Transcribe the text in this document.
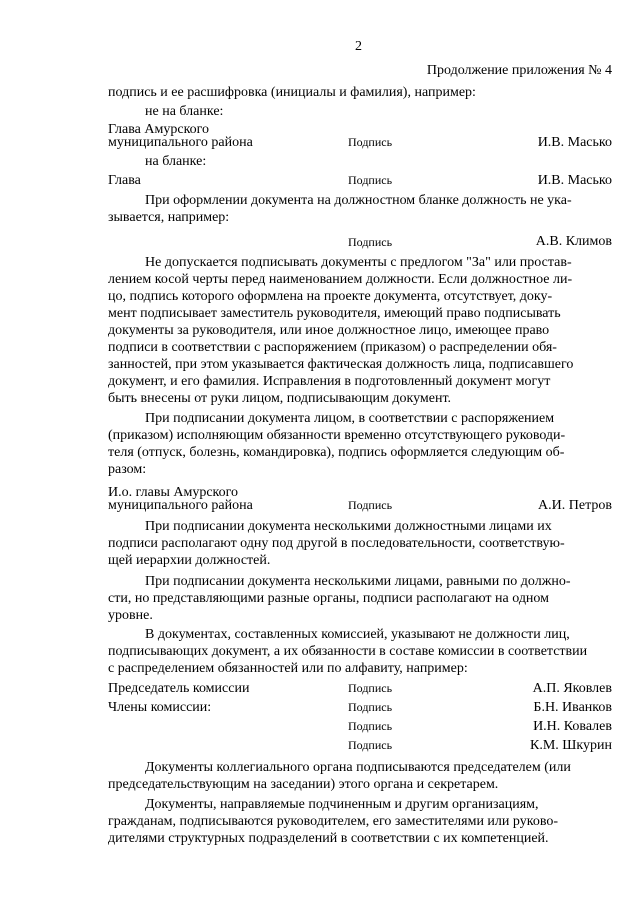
2
Продолжение приложения № 4
подпись и ее расшифровка (инициалы и фамилия), например:
не на бланке:
Глава Амурского
муниципального района	Подпись	И.В. Масько
на бланке:
Глава	Подпись	И.В. Масько
При оформлении документа на должностном бланке должность не ука-
зывается, например:
Подпись	А.В. Климов
Не допускается подписывать документы с предлогом "За" или простав-
лением косой черты перед наименованием должности. Если должностное ли-
цо, подпись которого оформлена на проекте документа, отсутствует, доку-
мент подписывает заместитель руководителя, имеющий право подписывать
документы за руководителя, или иное должностное лицо, имеющее право
подписи в соответствии с распоряжением (приказом) о распределении обя-
занностей, при этом указывается фактическая должность лица, подписавшего
документ, и его фамилия. Исправления в подготовленный документ могут
быть внесены от руки лицом, подписывающим документ.
При подписании документа лицом, в соответствии с распоряжением
(приказом) исполняющим обязанности временно отсутствующего руководи-
теля (отпуск, болезнь, командировка), подпись оформляется следующим об-
разом:
И.о. главы Амурского
муниципального района	Подпись	А.И. Петров
При подписании документа несколькими должностными лицами их
подписи располагают одну под другой в последовательности, соответствую-
щей иерархии должностей.
При подписании документа несколькими лицами, равными по должно-
сти, но представляющими разные органы, подписи располагают на одном
уровне.
В документах, составленных комиссией, указывают не должности лиц,
подписывающих документ, а их обязанности в составе комиссии в соответствии
с распределением обязанностей или по алфавиту, например:
Председатель комиссии	Подпись	А.П. Яковлев
Члены комиссии:	Подпись	Б.Н. Иванков
Подпись	И.Н. Ковалев
Подпись	К.М. Шкурин
Документы коллегиального органа подписываются председателем (или
председательствующим на заседании) этого органа и секретарем.
Документы, направляемые подчиненным и другим организациям,
гражданам, подписываются руководителем, его заместителями или руково-
дителями структурных подразделений в соответствии с их компетенцией.
